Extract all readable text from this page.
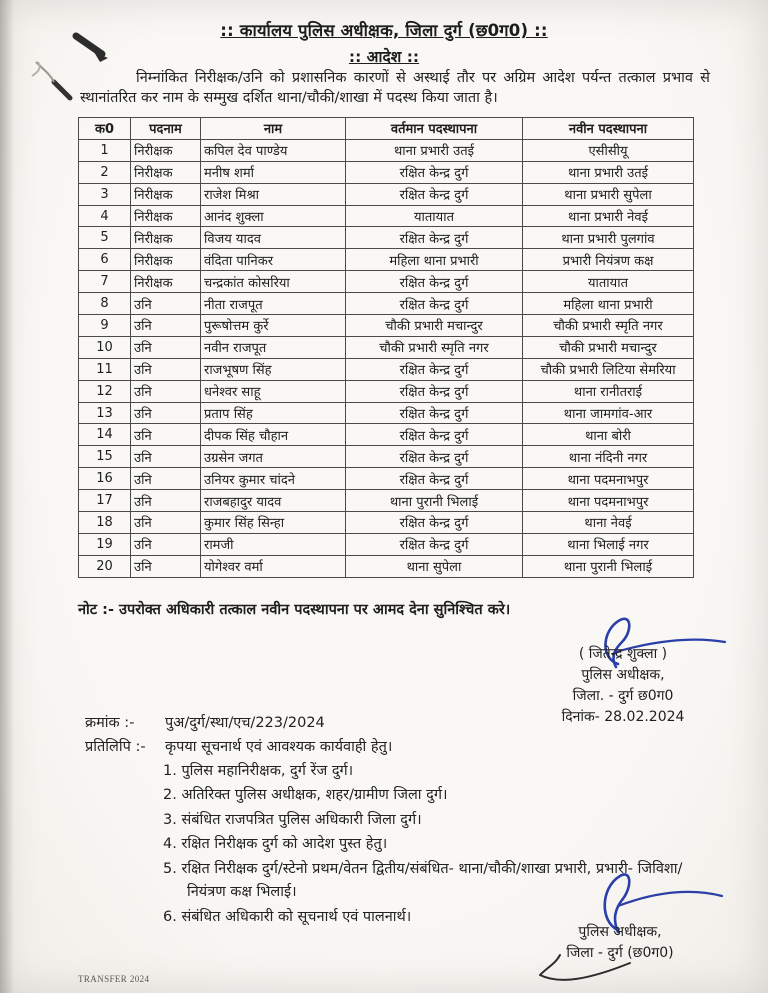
:: कार्यालय पुलिस अधीक्षक, जिला दुर्ग (छ0ग0) ::
:: आदेश ::
निम्नांकित निरीक्षक/उनि को प्रशासनिक कारणों से अस्थाई तौर पर अग्रिम आदेश पर्यन्त तत्काल प्रभाव से स्थानांतरित कर नाम के सम्मुख दर्शित थाना/चौकी/शाखा में पदस्थ किया जाता है।
क0	पदनाम	नाम	वर्तमान पदस्थापना	नवीन पदस्थापना
1	निरीक्षक	कपिल देव पाण्डेय	थाना प्रभारी उतई	एसीसीयू
2	निरीक्षक	मनीष शर्मा	रक्षित केन्द्र दुर्ग	थाना प्रभारी उतई
3	निरीक्षक	राजेश मिश्रा	रक्षित केन्द्र दुर्ग	थाना प्रभारी सुपेला
4	निरीक्षक	आनंद शुक्ला	यातायात	थाना प्रभारी नेवई
5	निरीक्षक	विजय यादव	रक्षित केन्द्र दुर्ग	थाना प्रभारी पुलगांव
6	निरीक्षक	वंदिता पानिकर	महिला थाना प्रभारी	प्रभारी नियंत्रण कक्ष
7	निरीक्षक	चन्द्रकांत कोसरिया	रक्षित केन्द्र दुर्ग	यातायात
8	उनि	नीता राजपूत	रक्षित केन्द्र दुर्ग	महिला थाना प्रभारी
9	उनि	पुरूषोत्तम कुर्रे	चौकी प्रभारी मचान्दुर	चौकी प्रभारी स्मृति नगर
10	उनि	नवीन राजपूत	चौकी प्रभारी स्मृति नगर	चौकी प्रभारी मचान्दुर
11	उनि	राजभूषण सिंह	रक्षित केन्द्र दुर्ग	चौकी प्रभारी लिटिया सेमरिया
12	उनि	धनेश्वर साहू	रक्षित केन्द्र दुर्ग	थाना रानीतराई
13	उनि	प्रताप सिंह	रक्षित केन्द्र दुर्ग	थाना जामगांव-आर
14	उनि	दीपक सिंह चौहान	रक्षित केन्द्र दुर्ग	थाना बोरी
15	उनि	उग्रसेन जगत	रक्षित केन्द्र दुर्ग	थाना नंदिनी नगर
16	उनि	उनियर कुमार चांदने	रक्षित केन्द्र दुर्ग	थाना पदमनाभपुर
17	उनि	राजबहादुर यादव	थाना पुरानी भिलाई	थाना पदमनाभपुर
18	उनि	कुमार सिंह सिन्हा	रक्षित केन्द्र दुर्ग	थाना नेवई
19	उनि	रामजी	रक्षित केन्द्र दुर्ग	थाना भिलाई नगर
20	उनि	योगेश्वर वर्मा	थाना सुपेला	थाना पुरानी भिलाई
नोट :- उपरोक्त अधिकारी तत्काल नवीन पदस्थापना पर आमद देना सुनिश्चित करे।
( जितेन्द्र शुक्ला )
पुलिस अधीक्षक,
जिला. - दुर्ग छ0ग0
दिनांक- 28.02.2024
क्रमांक :-	पुअ/दुर्ग/स्था/एच/223/2024
प्रतिलिपि :-	कृपया सूचनार्थ एवं आवश्यक कार्यवाही हेतु।
1. पुलिस महानिरीक्षक, दुर्ग रेंज दुर्ग।
2. अतिरिक्त पुलिस अधीक्षक, शहर/ग्रामीण जिला दुर्ग।
3. संबंधित राजपत्रित पुलिस अधिकारी जिला दुर्ग।
4. रक्षित निरीक्षक दुर्ग को आदेश पुस्त हेतु।
5. रक्षित निरीक्षक दुर्ग/स्टेनो प्रथम/वेतन द्वितीय/संबंधित- थाना/चौकी/शाखा प्रभारी, प्रभारी- जिविशा/नियंत्रण कक्ष भिलाई।
6. संबंधित अधिकारी को सूचनार्थ एवं पालनार्थ।
पुलिस अधीक्षक,
जिला - दुर्ग (छ0ग0)
TRANSFER 2024
